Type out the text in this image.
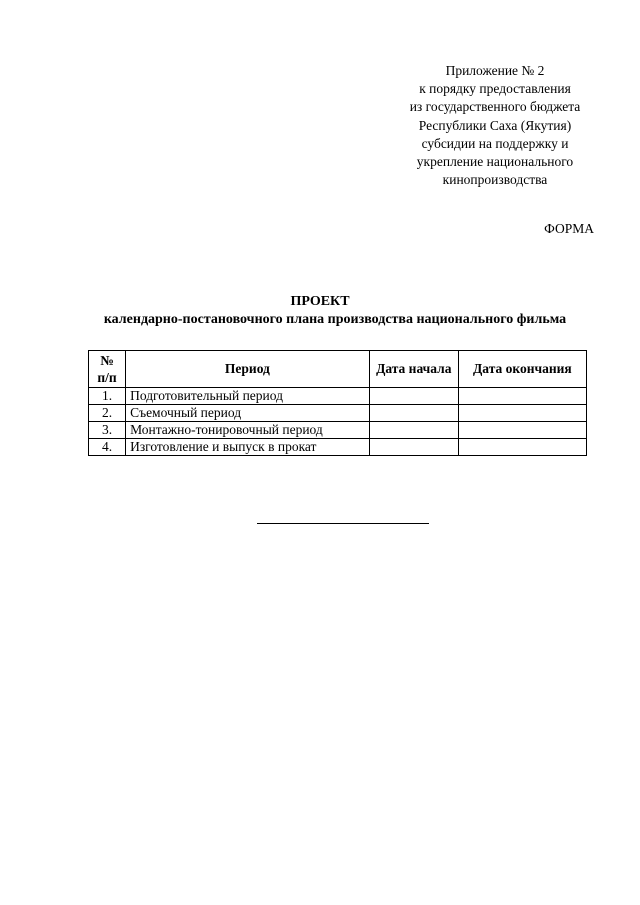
Приложение № 2
к порядку предоставления
из государственного бюджета
Республики Саха (Якутия)
субсидии на поддержку и
укрепление национального
кинопроизводства
ФОРМА
ПРОЕКТ
календарно-постановочного плана производства национального фильма
№
п/п	Период	Дата начала	Дата окончания
1.	Подготовительный период		
2.	Съемочный период		
3.	Монтажно-тонировочный период		
4.	Изготовление и выпуск в прокат		
